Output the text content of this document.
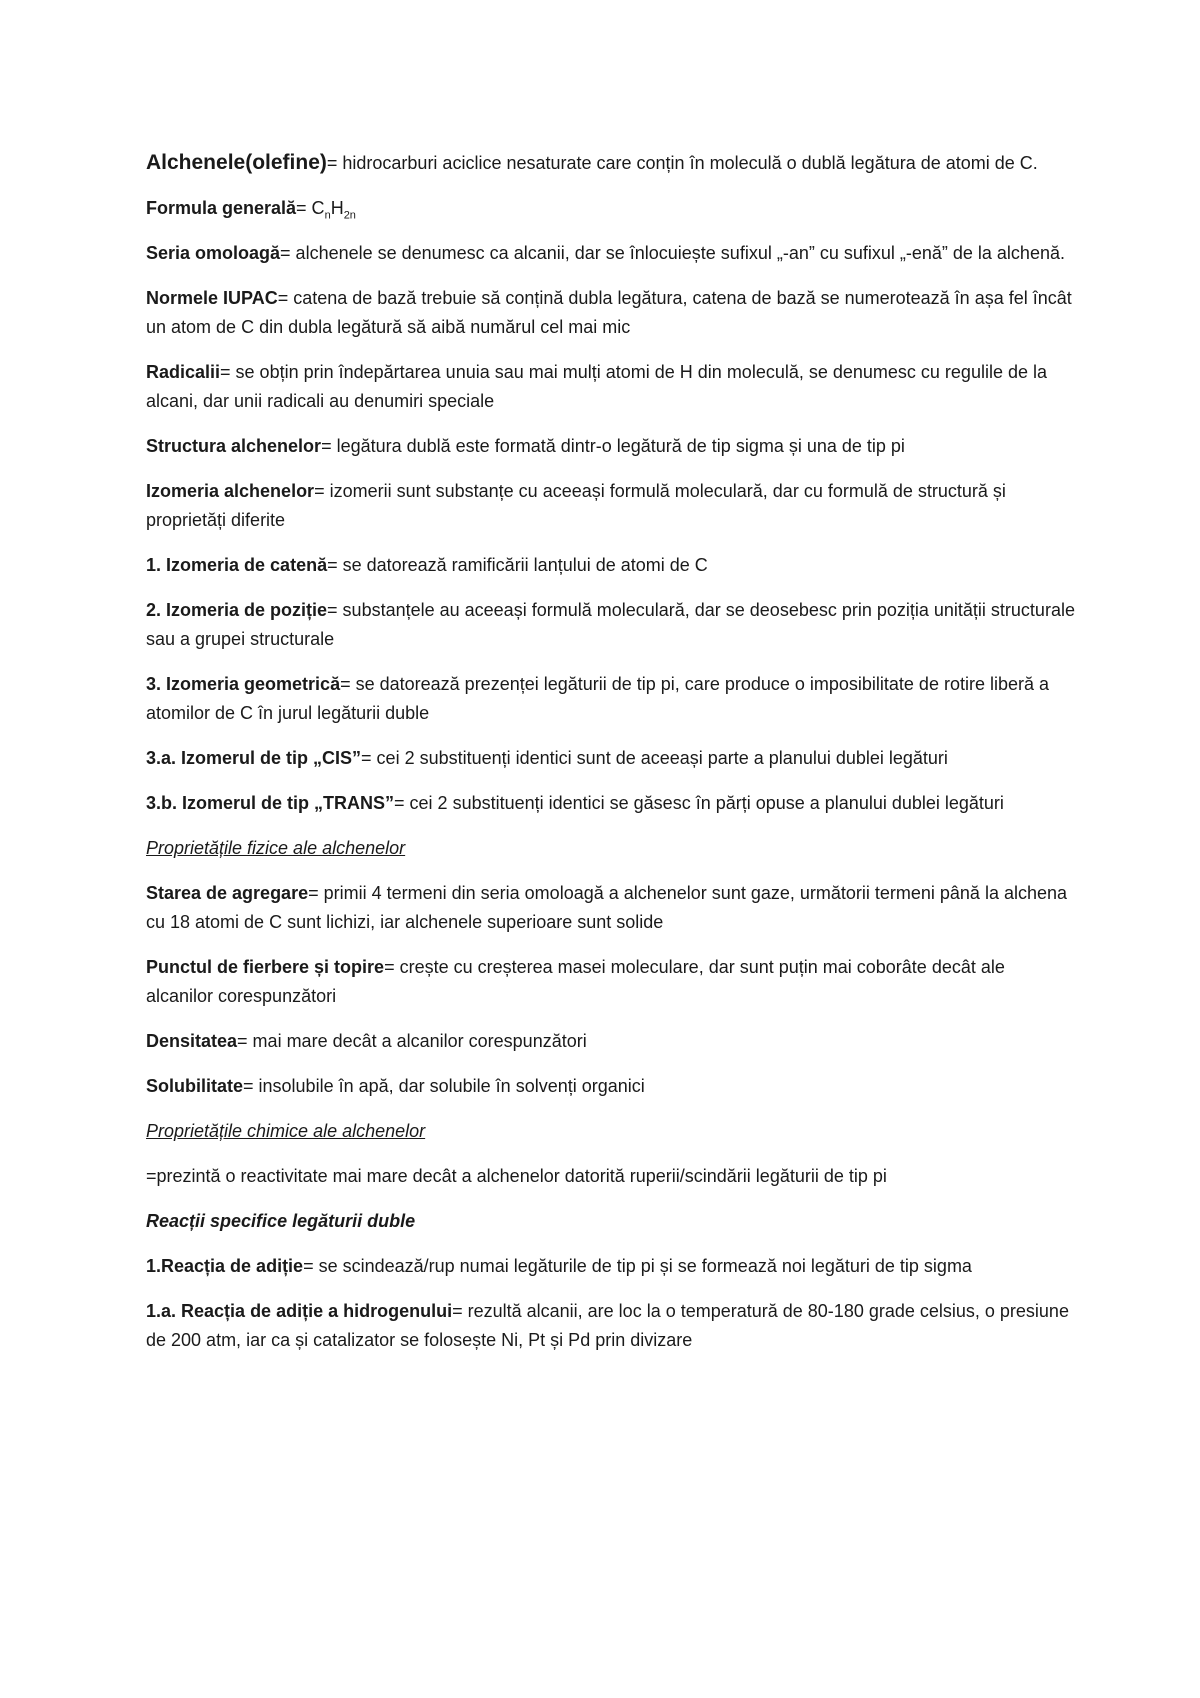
Alchenele(olefine)= hidrocarburi aciclice nesaturate care conțin în moleculă o dublă legătura de atomi de C.

Formula generală= $C_nH_{2n}$

Seria omoloagă= alchenele se denumesc ca alcanii, dar se înlocuiește sufixul „-an” cu sufixul „-enă” de la alchenă.

Normele IUPAC= catena de bază trebuie să conțină dubla legătura, catena de bază se numerotează în așa fel încât un atom de C din dubla legătură să aibă numărul cel mai mic

Radicalii= se obțin prin îndepărtarea unuia sau mai mulți atomi de H din moleculă, se denumesc cu regulile de la alcani, dar unii radicali au denumiri speciale

Structura alchenelor= legătura dublă este formată dintr-o legătură de tip sigma și una de tip pi

Izomeria alchenelor= izomerii sunt substanțe cu aceeași formulă moleculară, dar cu formulă de structură și proprietăți diferite

1. Izomeria de catenă= se datorează ramificării lanțului de atomi de C

2. Izomeria de poziție= substanțele au aceeași formulă moleculară, dar se deosebesc prin poziția unității structurale sau a grupei structurale

3. Izomeria geometrică= se datorează prezenței legăturii de tip pi, care produce o imposibilitate de rotire liberă a atomilor de C în jurul legăturii duble

3.a. Izomerul de tip „CIS”= cei 2 substituenți identici sunt de aceeași parte a planului dublei legături

3.b. Izomerul de tip „TRANS”= cei 2 substituenți identici se găsesc în părți opuse a planului dublei legături

Proprietățile fizice ale alchenelor

Starea de agregare= primii 4 termeni din seria omoloagă a alchenelor sunt gaze, următorii termeni până la alchena cu 18 atomi de C sunt lichizi, iar alchenele superioare sunt solide

Punctul de fierbere și topire= crește cu creșterea masei moleculare, dar sunt puțin mai coborâte decât ale alcanilor corespunzători

Densitatea= mai mare decât a alcanilor corespunzători

Solubilitate= insolubile în apă, dar solubile în solvenți organici

Proprietățile chimice ale alchenelor

=prezintă o reactivitate mai mare decât a alchenelor datorită ruperii/scindării legăturii de tip pi

Reacții specifice legăturii duble

1.Reacția de adiție= se scindează/rup numai legăturile de tip pi și se formează noi legături de tip sigma

1.a. Reacția de adiție a hidrogenului= rezultă alcanii, are loc la o temperatură de 80-180 grade celsius, o presiune de 200 atm, iar ca și catalizator se folosește Ni, Pt și Pd prin divizare
